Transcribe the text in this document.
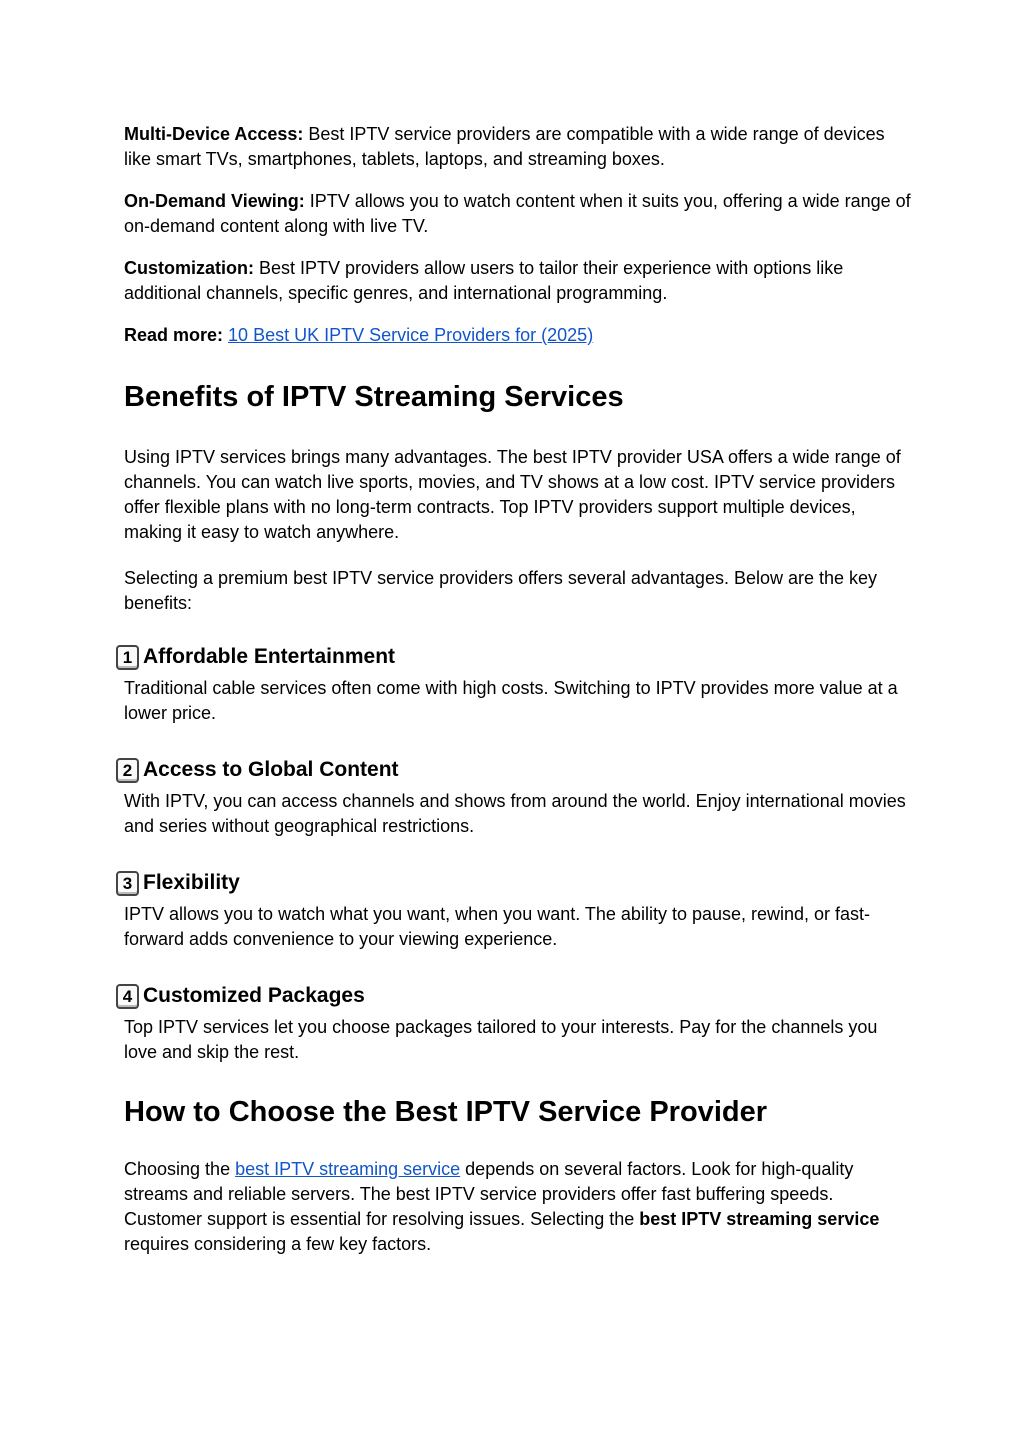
Multi-Device Access: Best IPTV service providers are compatible with a wide range of devices like smart TVs, smartphones, tablets, laptops, and streaming boxes.

On-Demand Viewing: IPTV allows you to watch content when it suits you, offering a wide range of on-demand content along with live TV.

Customization: Best IPTV providers allow users to tailor their experience with options like additional channels, specific genres, and international programming.

Read more: 10 Best UK IPTV Service Providers for (2025)

Benefits of IPTV Streaming Services

Using IPTV services brings many advantages. The best IPTV provider USA offers a wide range of channels. You can watch live sports, movies, and TV shows at a low cost. IPTV service providers offer flexible plans with no long-term contracts. Top IPTV providers support multiple devices, making it easy to watch anywhere.

Selecting a premium best IPTV service providers offers several advantages. Below are the key benefits:

1 Affordable Entertainment

Traditional cable services often come with high costs. Switching to IPTV provides more value at a lower price.

2 Access to Global Content

With IPTV, you can access channels and shows from around the world. Enjoy international movies and series without geographical restrictions.

3 Flexibility

IPTV allows you to watch what you want, when you want. The ability to pause, rewind, or fast-forward adds convenience to your viewing experience.

4 Customized Packages

Top IPTV services let you choose packages tailored to your interests. Pay for the channels you love and skip the rest.

How to Choose the Best IPTV Service Provider

Choosing the best IPTV streaming service depends on several factors. Look for high-quality streams and reliable servers. The best IPTV service providers offer fast buffering speeds. Customer support is essential for resolving issues. Selecting the best IPTV streaming service requires considering a few key factors.
